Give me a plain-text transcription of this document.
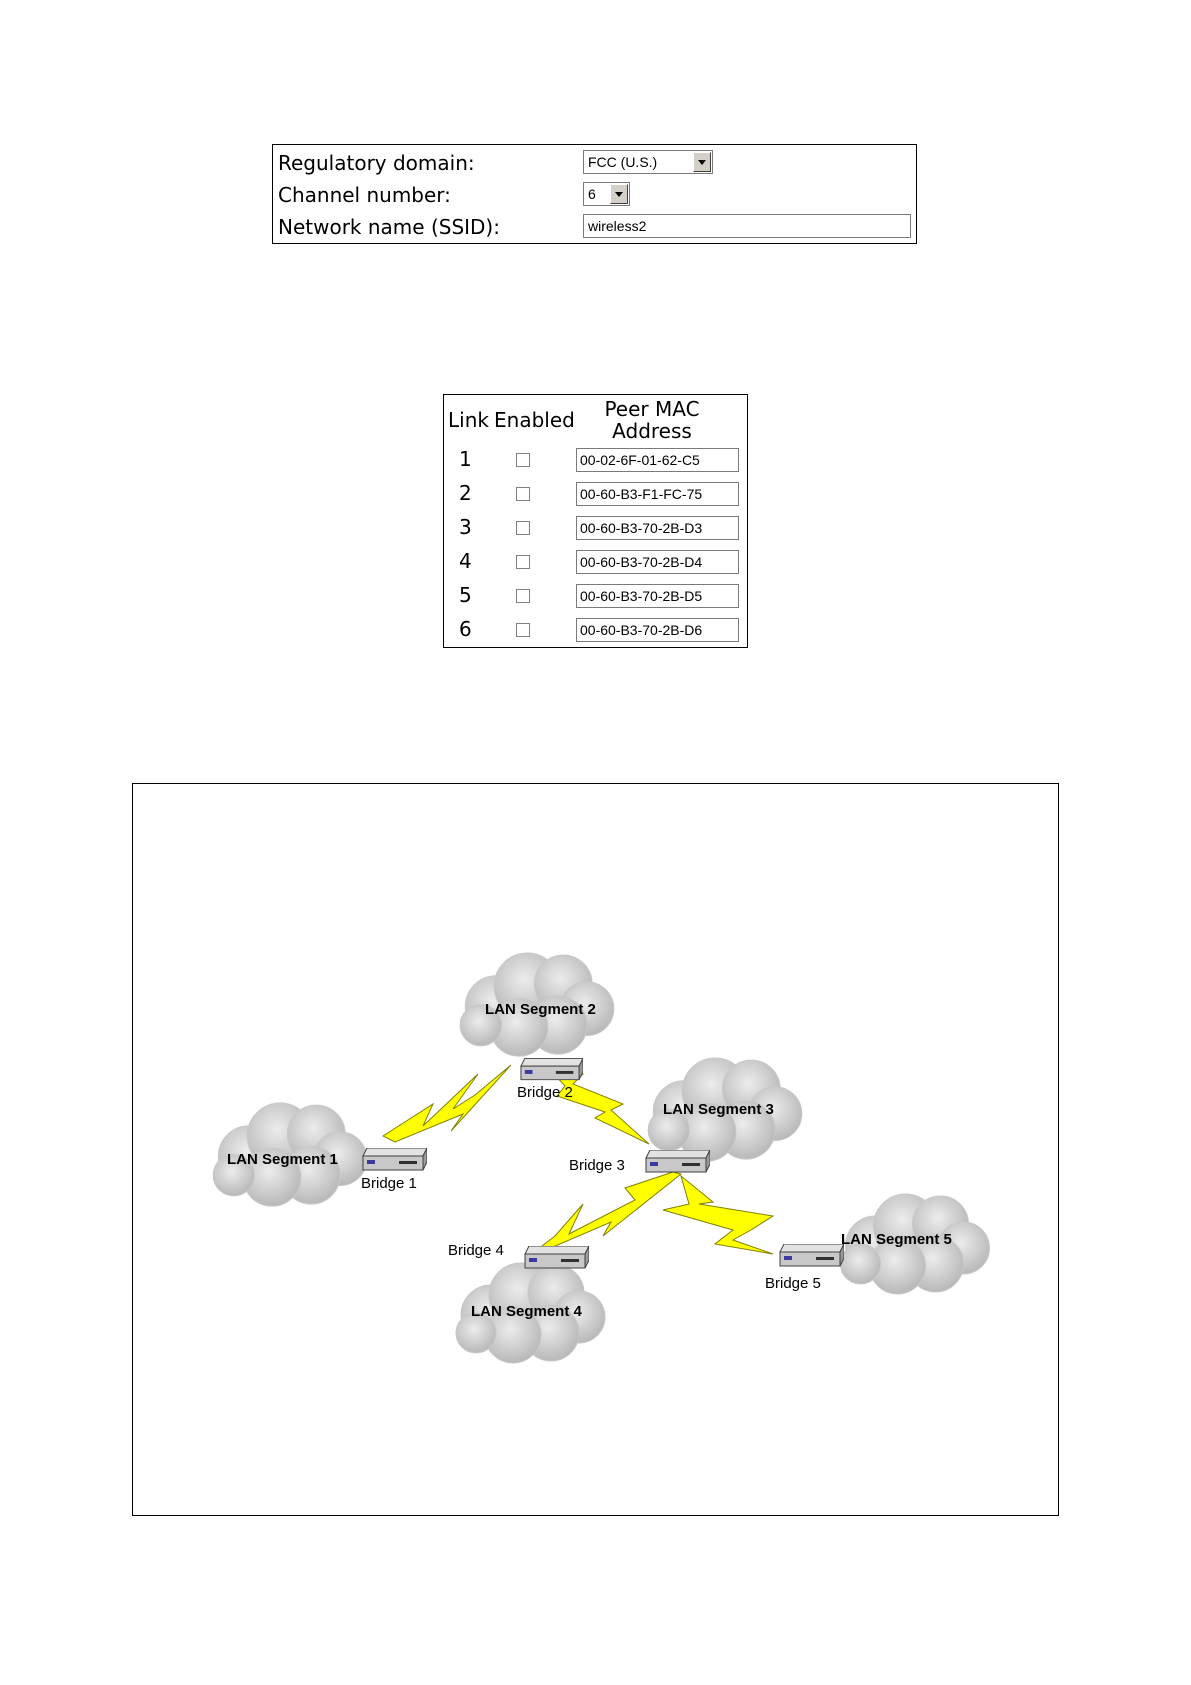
Regulatory domain:	FCC (U.S.)
Channel number:	6
Network name (SSID):	wireless2
Link Enabled	Peer MAC
Address
1	00-02-6F-01-62-C5
2	00-60-B3-F1-FC-75
3	00-60-B3-70-2B-D3
4	00-60-B3-70-2B-D4
5	00-60-B3-70-2B-D5
6	00-60-B3-70-2B-D6
LAN Segment 2
LAN Segment 3
LAN Segment 1
LAN Segment 4
LAN Segment 5
Bridge 2
Bridge 1
Bridge 3
Bridge 4
Bridge 5
